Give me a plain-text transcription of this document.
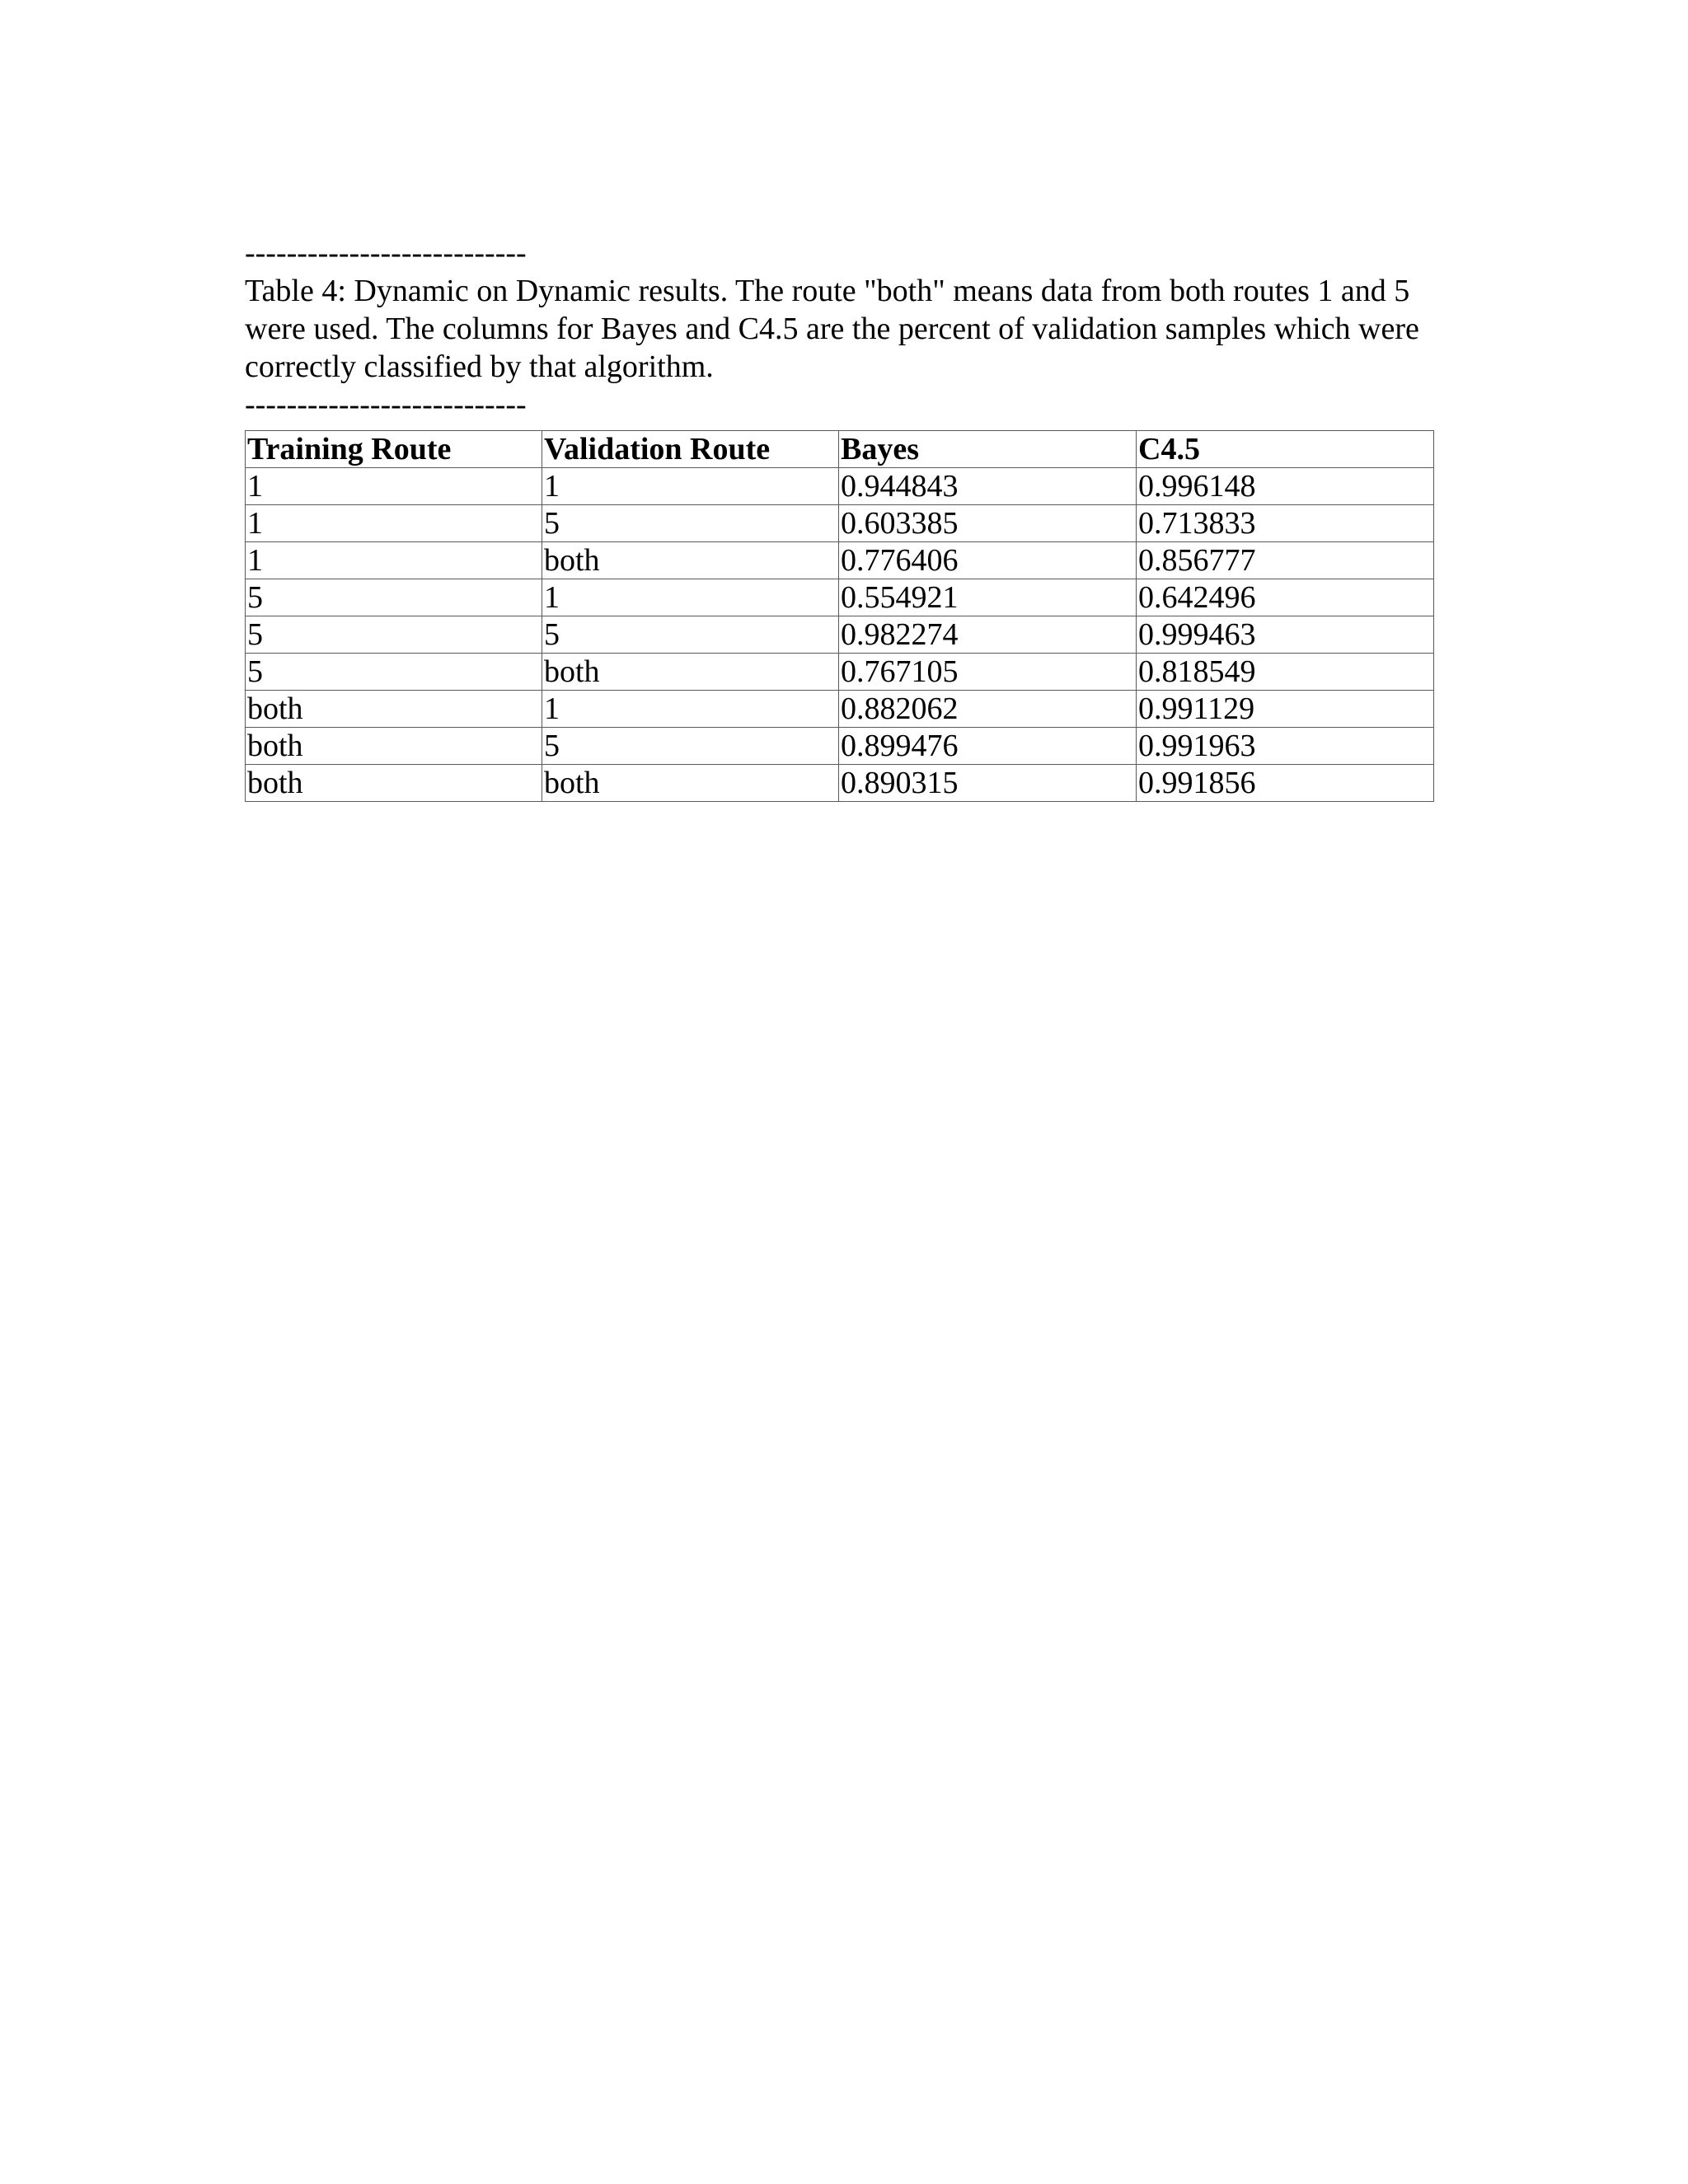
---------------------------

Table 4: Dynamic on Dynamic results. The route "both" means data from both routes 1 and 5 were used. The columns for Bayes and C4.5 are the percent of validation samples which were correctly classified by that algorithm.

---------------------------
Training Route	Validation Route	Bayes	C4.5
1	1	0.944843	0.996148
1	5	0.603385	0.713833
1	both	0.776406	0.856777
5	1	0.554921	0.642496
5	5	0.982274	0.999463
5	both	0.767105	0.818549
both	1	0.882062	0.991129
both	5	0.899476	0.991963
both	both	0.890315	0.991856
